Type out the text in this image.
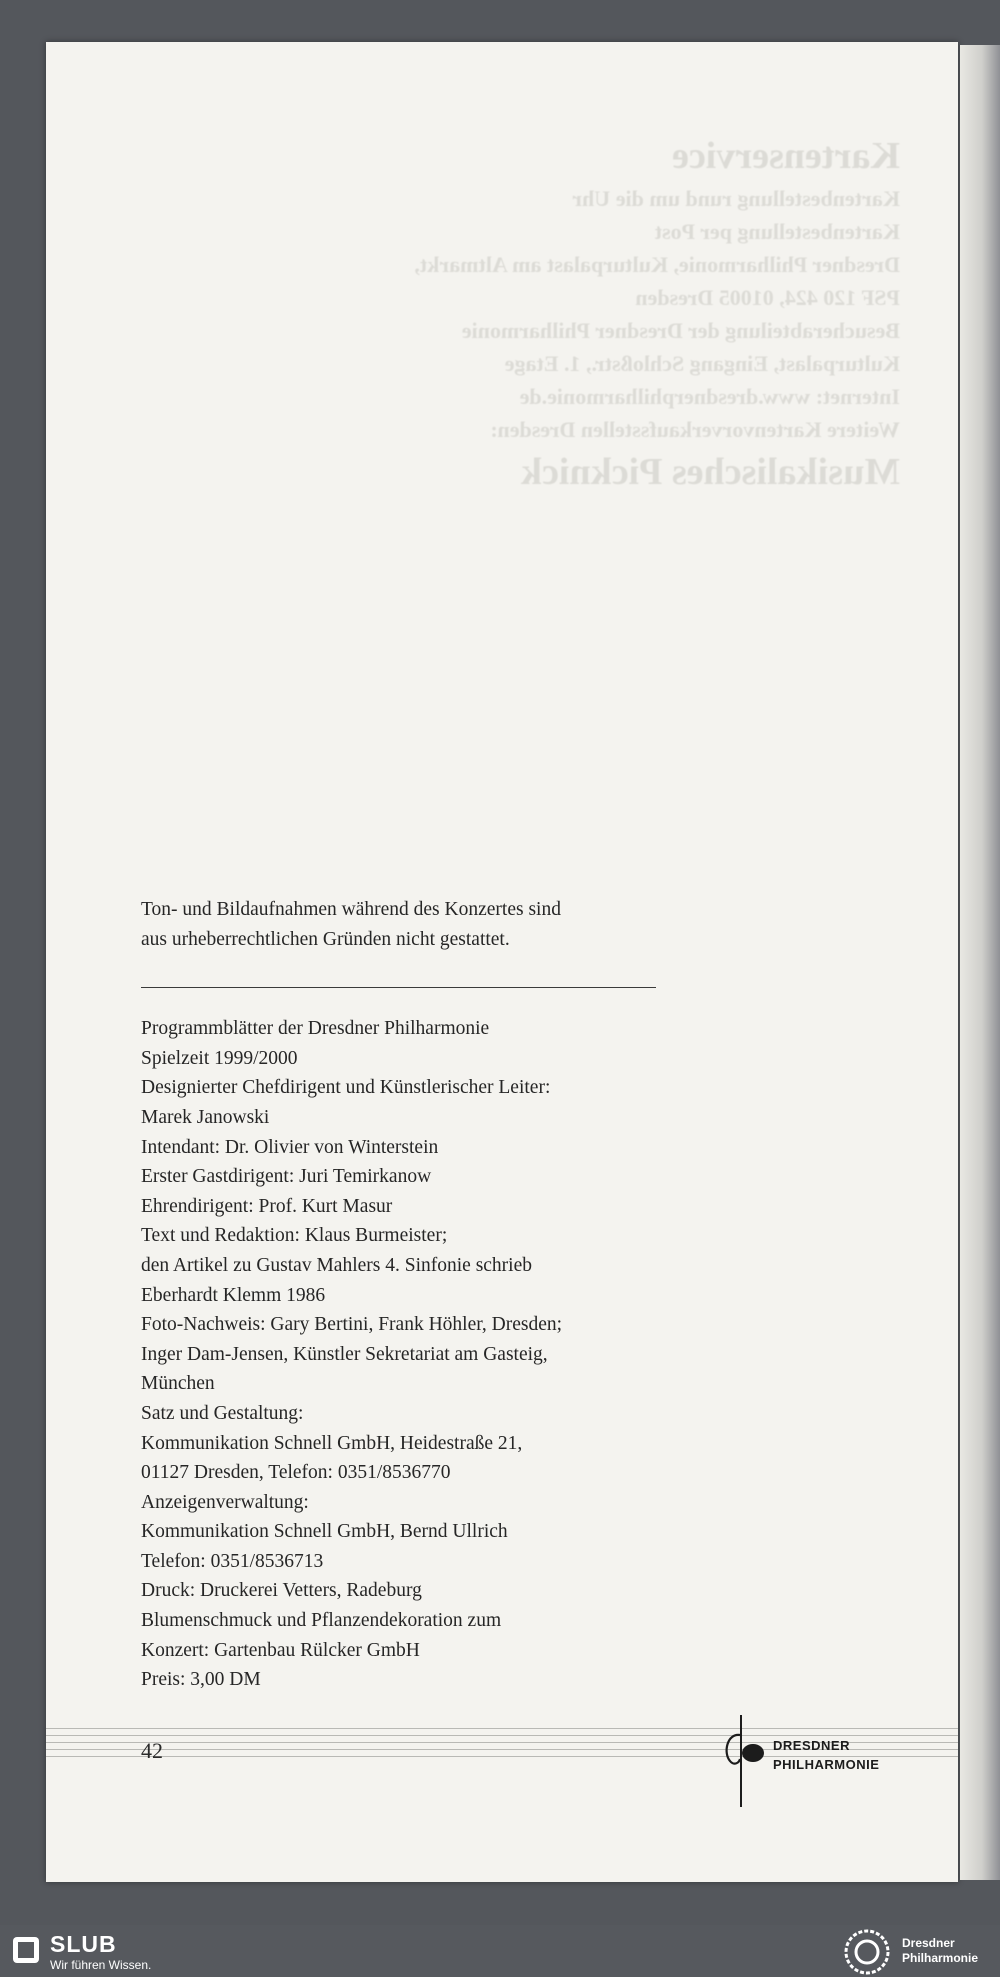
Kartenservice
Kartenbestellung rund um die Uhr
Kartenbestellung per Post
Dresdner Philharmonie, Kulturpalast am Altmarkt,
PSF 120 424, 01005 Dresden
Besucherabteilung der Dresdner Philharmonie
Kulturpalast, Eingang Schloßstr., 1. Etage
Internet: www.dresdnerphilharmonie.de
Weitere Kartenvorverkaufsstellen Dresden:
Musikalisches Picknick

Ton- und Bildaufnahmen während des Konzertes sind

aus urheberrechtlichen Gründen nicht gestattet.

Programmblätter der Dresdner Philharmonie
Spielzeit 1999/2000
Designierter Chefdirigent und Künstlerischer Leiter:
Marek Janowski
Intendant: Dr. Olivier von Winterstein
Erster Gastdirigent: Juri Temirkanow
Ehrendirigent: Prof. Kurt Masur
Text und Redaktion: Klaus Burmeister;
den Artikel zu Gustav Mahlers 4. Sinfonie schrieb
Eberhardt Klemm 1986
Foto-Nachweis: Gary Bertini, Frank Höhler, Dresden;
Inger Dam-Jensen, Künstler Sekretariat am Gasteig,
München
Satz und Gestaltung:
Kommunikation Schnell GmbH, Heidestraße 21,
01127 Dresden, Telefon: 0351/8536770
Anzeigenverwaltung:
Kommunikation Schnell GmbH, Bernd Ullrich
Telefon: 0351/8536713
Druck: Druckerei Vetters, Radeburg
Blumenschmuck und Pflanzendekoration zum
Konzert: Gartenbau Rülcker GmbH
Preis: 3,00 DM
42	DRESDNER
PHILHARMONIE
SLUB
Wir führen Wissen.
Dresdner
Philharmonie
